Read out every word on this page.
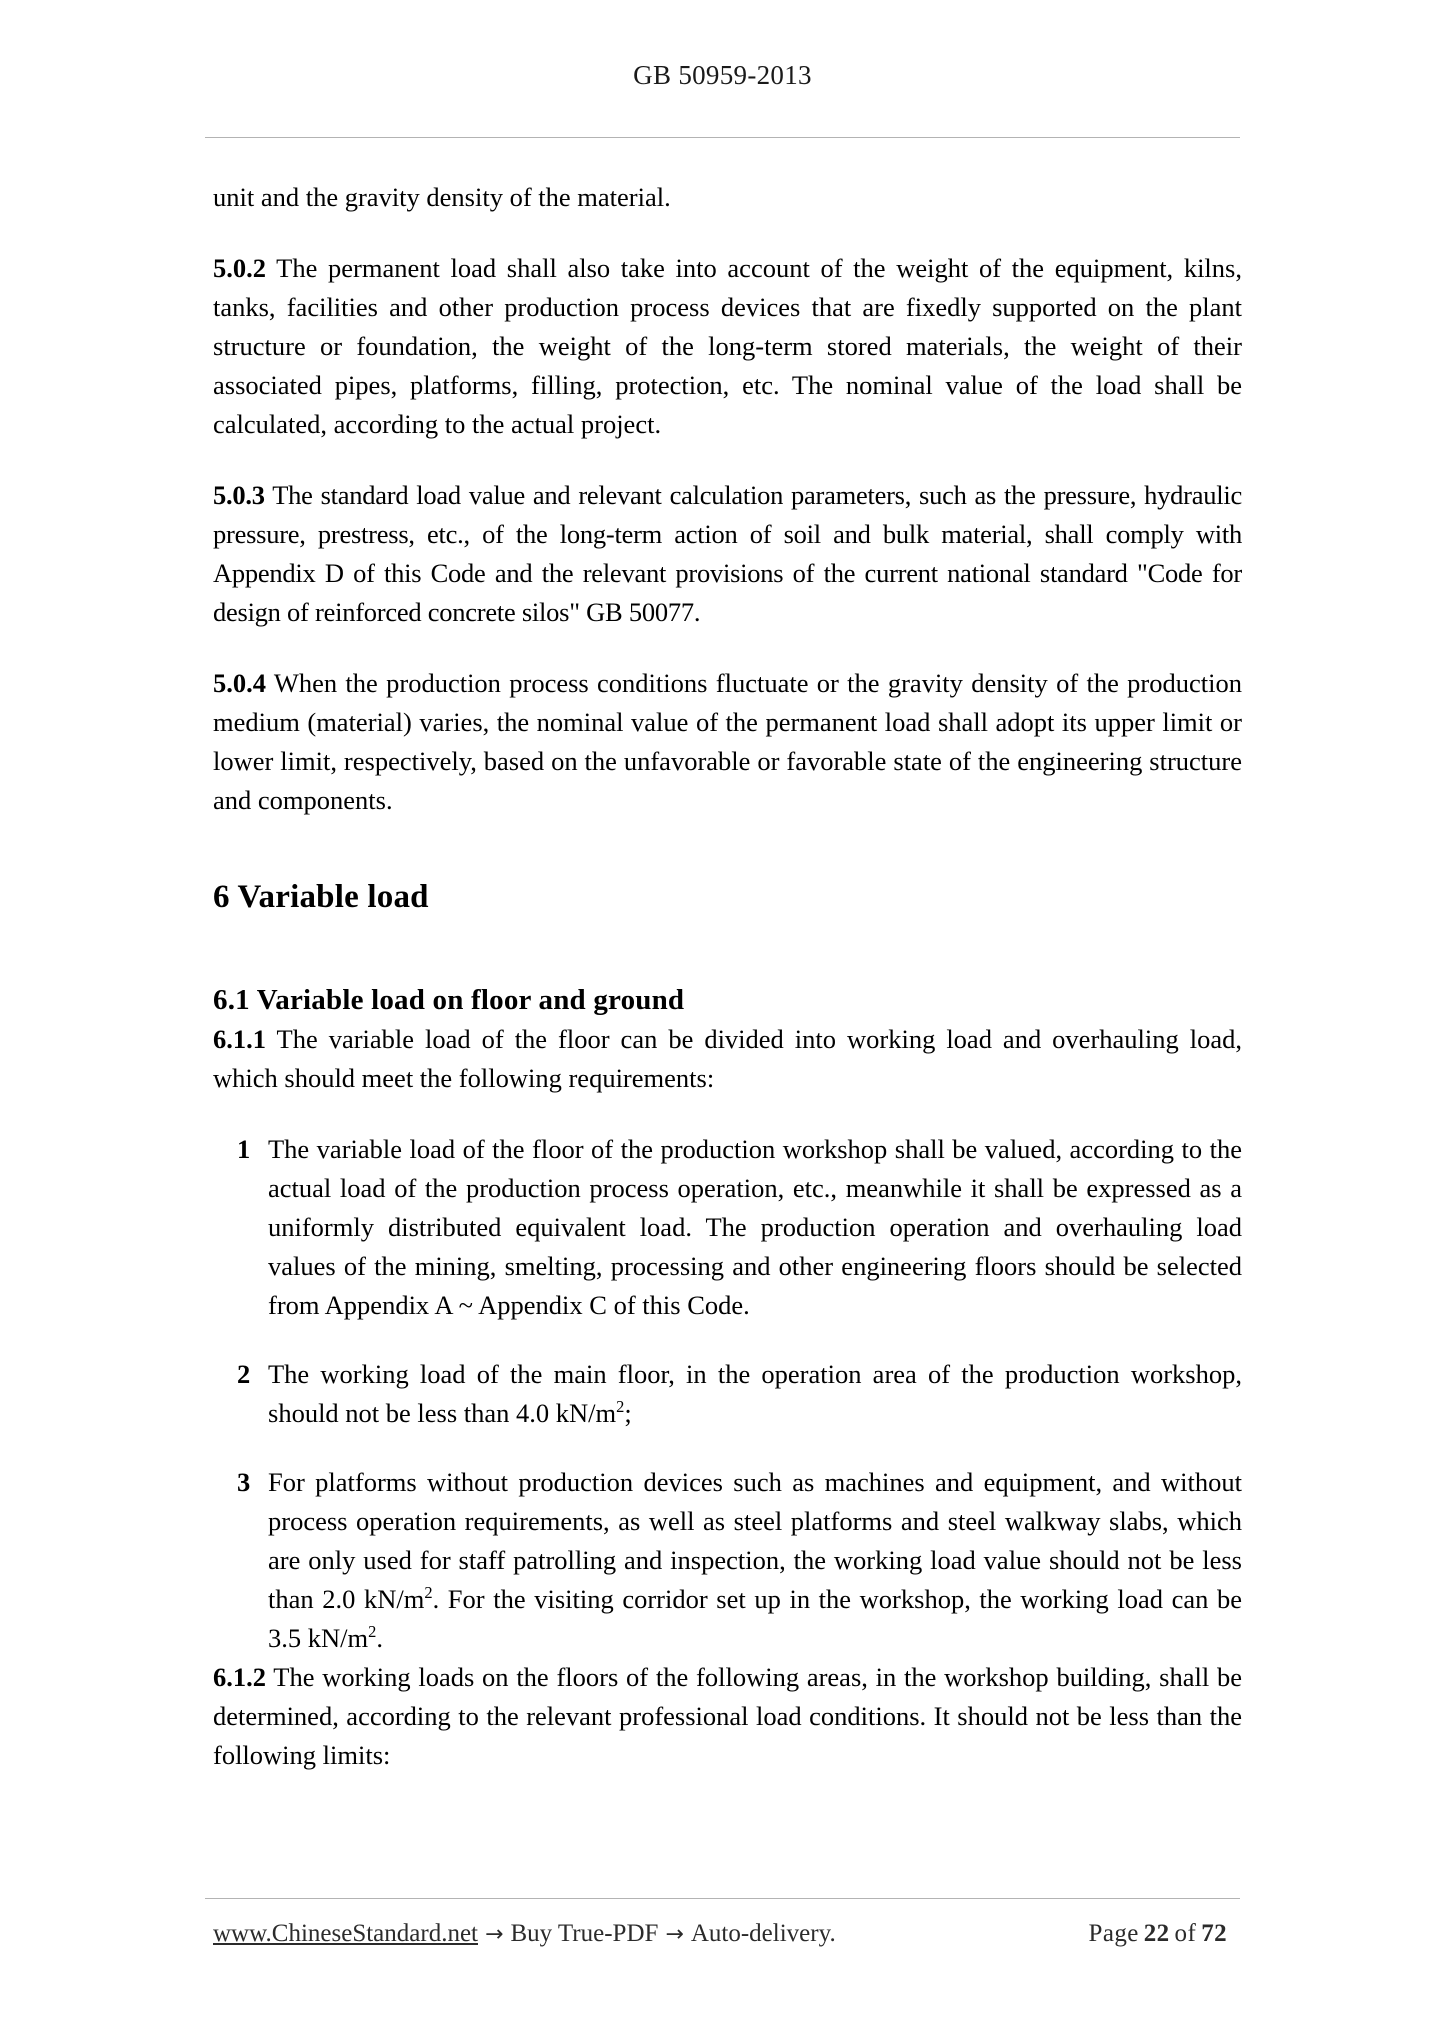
GB 50959-2013

unit and the gravity density of the material.

5.0.2 The permanent load shall also take into account of the weight of the equipment, kilns, tanks, facilities and other production process devices that are fixedly supported on the plant structure or foundation, the weight of the long-term stored materials, the weight of their associated pipes, platforms, filling, protection, etc. The nominal value of the load shall be calculated, according to the actual project.

5.0.3 The standard load value and relevant calculation parameters, such as the pressure, hydraulic pressure, prestress, etc., of the long-term action of soil and bulk material, shall comply with Appendix D of this Code and the relevant provisions of the current national standard "Code for design of reinforced concrete silos" GB 50077.

5.0.4 When the production process conditions fluctuate or the gravity density of the production medium (material) varies, the nominal value of the permanent load shall adopt its upper limit or lower limit, respectively, based on the unfavorable or favorable state of the engineering structure and components.

6 Variable load
6.1 Variable load on floor and ground

6.1.1 The variable load of the floor can be divided into working load and overhauling load, which should meet the following requirements:

1 The variable load of the floor of the production workshop shall be valued, according to the actual load of the production process operation, etc., meanwhile it shall be expressed as a uniformly distributed equivalent load. The production operation and overhauling load values of the mining, smelting, processing and other engineering floors should be selected from Appendix A ~ Appendix C of this Code.
2 The working load of the main floor, in the operation area of the production workshop, should not be less than 4.0 $kN/m^2$;
3 For platforms without production devices such as machines and equipment, and without process operation requirements, as well as steel platforms and steel walkway slabs, which are only used for staff patrolling and inspection, the working load value should not be less than 2.0 $kN/m^2$. For the visiting corridor set up in the workshop, the working load can be 3.5 $kN/m^2$.

6.1.2 The working loads on the floors of the following areas, in the workshop building, shall be determined, according to the relevant professional load conditions. It should not be less than the following limits:

www.ChineseStandard.net → Buy True-PDF → Auto-delivery.	Page 22 of 72
